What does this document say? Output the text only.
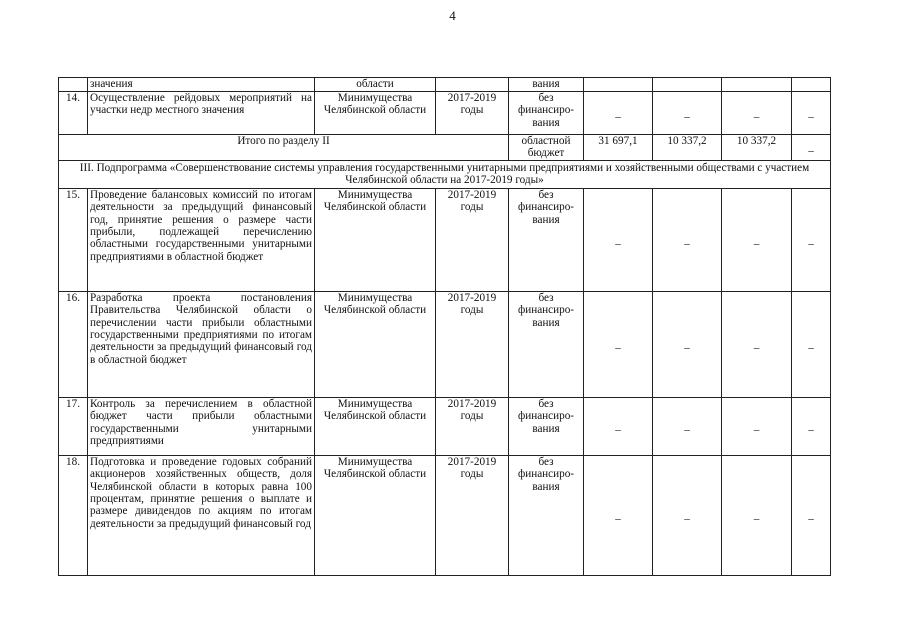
4
	значения	области		вания				
14.	Осуществление рейдовых мероприятий на участки недр местного значения	Минимущества Челябинской области	2017-2019 годы	без финансиро-вания	–	–	–	–
Итого по разделу II				областной бюджет	31 697,1	10 337,2	10 337,2	–
III. Подпрограмма «Совершенствование системы управления государственными унитарными предприятиями и хозяйственными обществами с участием Челябинской области на 2017-2019 годы»								
15.	Проведение балансовых комиссий по итогам деятельности за предыдущий финансовый год, принятие решения о размере части прибыли, подлежащей перечислению областными государственными унитарными предприятиями в областной бюджет	Минимущества Челябинской области	2017-2019 годы	без финансиро-вания	–	–	–	–
16.	Разработка проекта постановления Правительства Челябинской области о перечислении части прибыли областными государственными предприятиями по итогам деятельности за предыдущий финансовый год в областной бюджет	Минимущества Челябинской области	2017-2019 годы	без финансиро-вания	–	–	–	–
17.	Контроль за перечислением в областной бюджет части прибыли областными государственными унитарными предприятиями	Минимущества Челябинской области	2017-2019 годы	без финансиро-вания	–	–	–	–
18.	Подготовка и проведение годовых собраний акционеров хозяйственных обществ, доля Челябинской области в которых равна 100 процентам, принятие решения о выплате и размере дивидендов по акциям по итогам деятельности за предыдущий финансовый год	Минимущества Челябинской области	2017-2019 годы	без финансиро-вания	–	–	–	–
